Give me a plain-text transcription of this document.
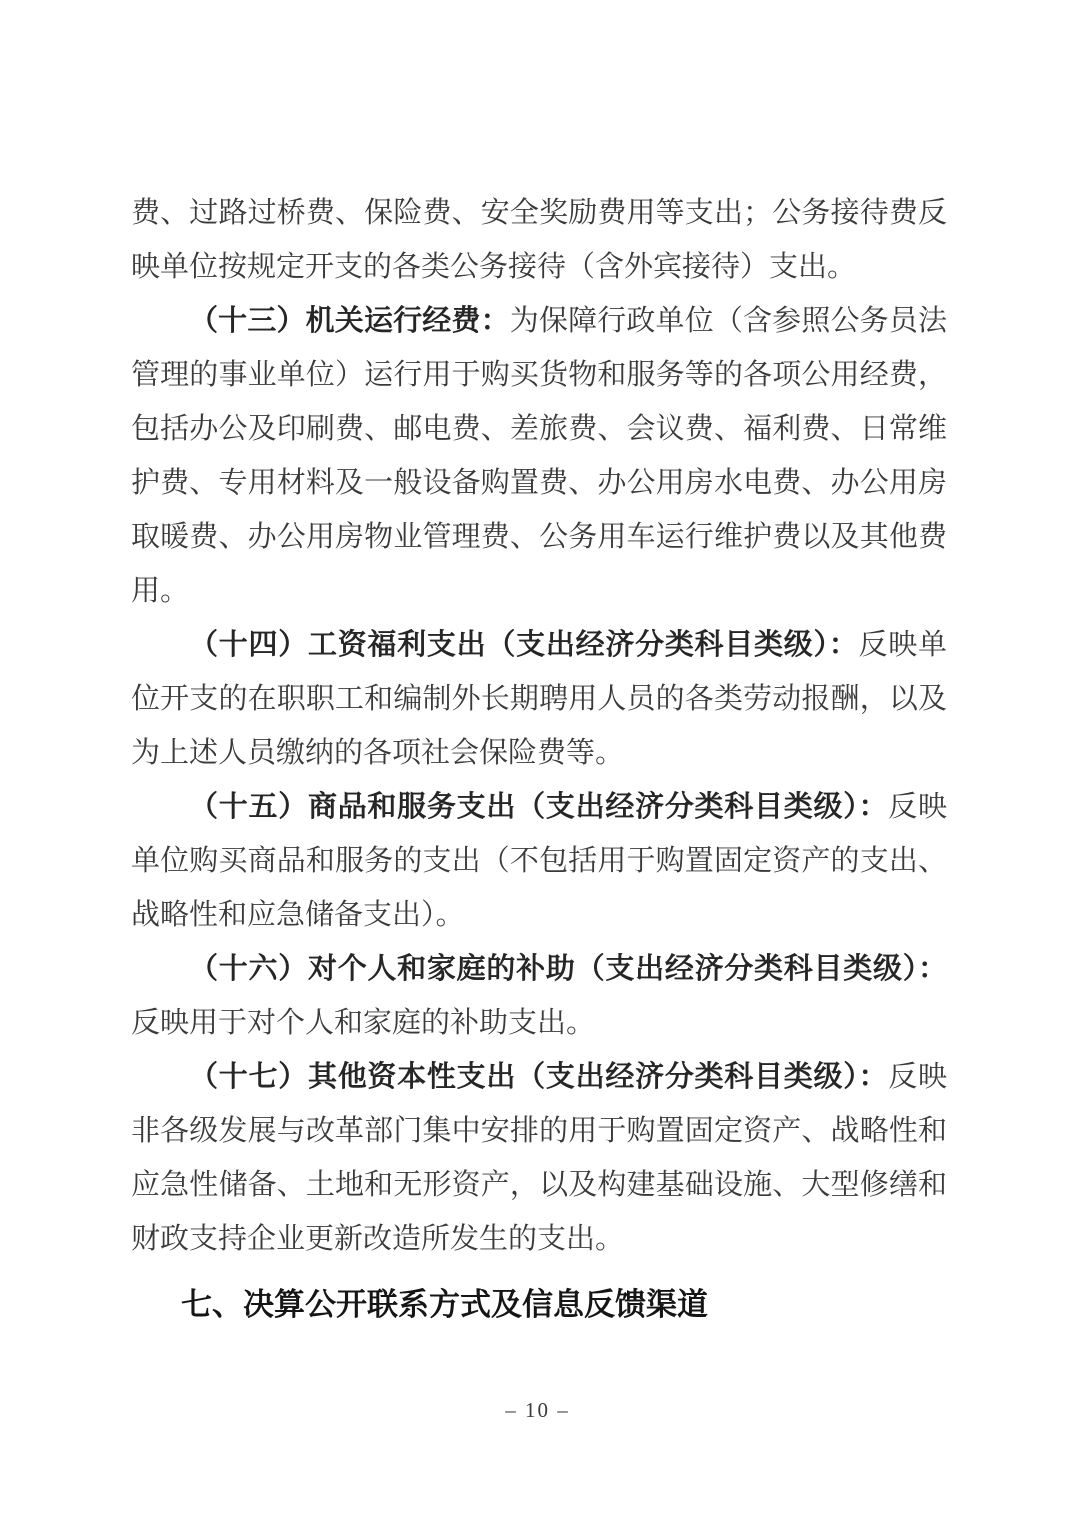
费、过路过桥费、保险费、安全奖励费用等支出；公务接待费反
映单位按规定开支的各类公务接待（含外宾接待）支出。
（十三）机关运行经费：为保障行政单位（含参照公务员法
管理的事业单位）运行用于购买货物和服务等的各项公用经费，
包括办公及印刷费、邮电费、差旅费、会议费、福利费、日常维
护费、专用材料及一般设备购置费、办公用房水电费、办公用房
取暖费、办公用房物业管理费、公务用车运行维护费以及其他费
用。
（十四）工资福利支出（支出经济分类科目类级）：反映单
位开支的在职职工和编制外长期聘用人员的各类劳动报酬，以及
为上述人员缴纳的各项社会保险费等。
（十五）商品和服务支出（支出经济分类科目类级）：反映
单位购买商品和服务的支出（不包括用于购置固定资产的支出、
战略性和应急储备支出）。
（十六）对个人和家庭的补助（支出经济分类科目类级）：
反映用于对个人和家庭的补助支出。
（十七）其他资本性支出（支出经济分类科目类级）：反映
非各级发展与改革部门集中安排的用于购置固定资产、战略性和
应急性储备、土地和无形资产，以及构建基础设施、大型修缮和
财政支持企业更新改造所发生的支出。
七、决算公开联系方式及信息反馈渠道
– 10 –
